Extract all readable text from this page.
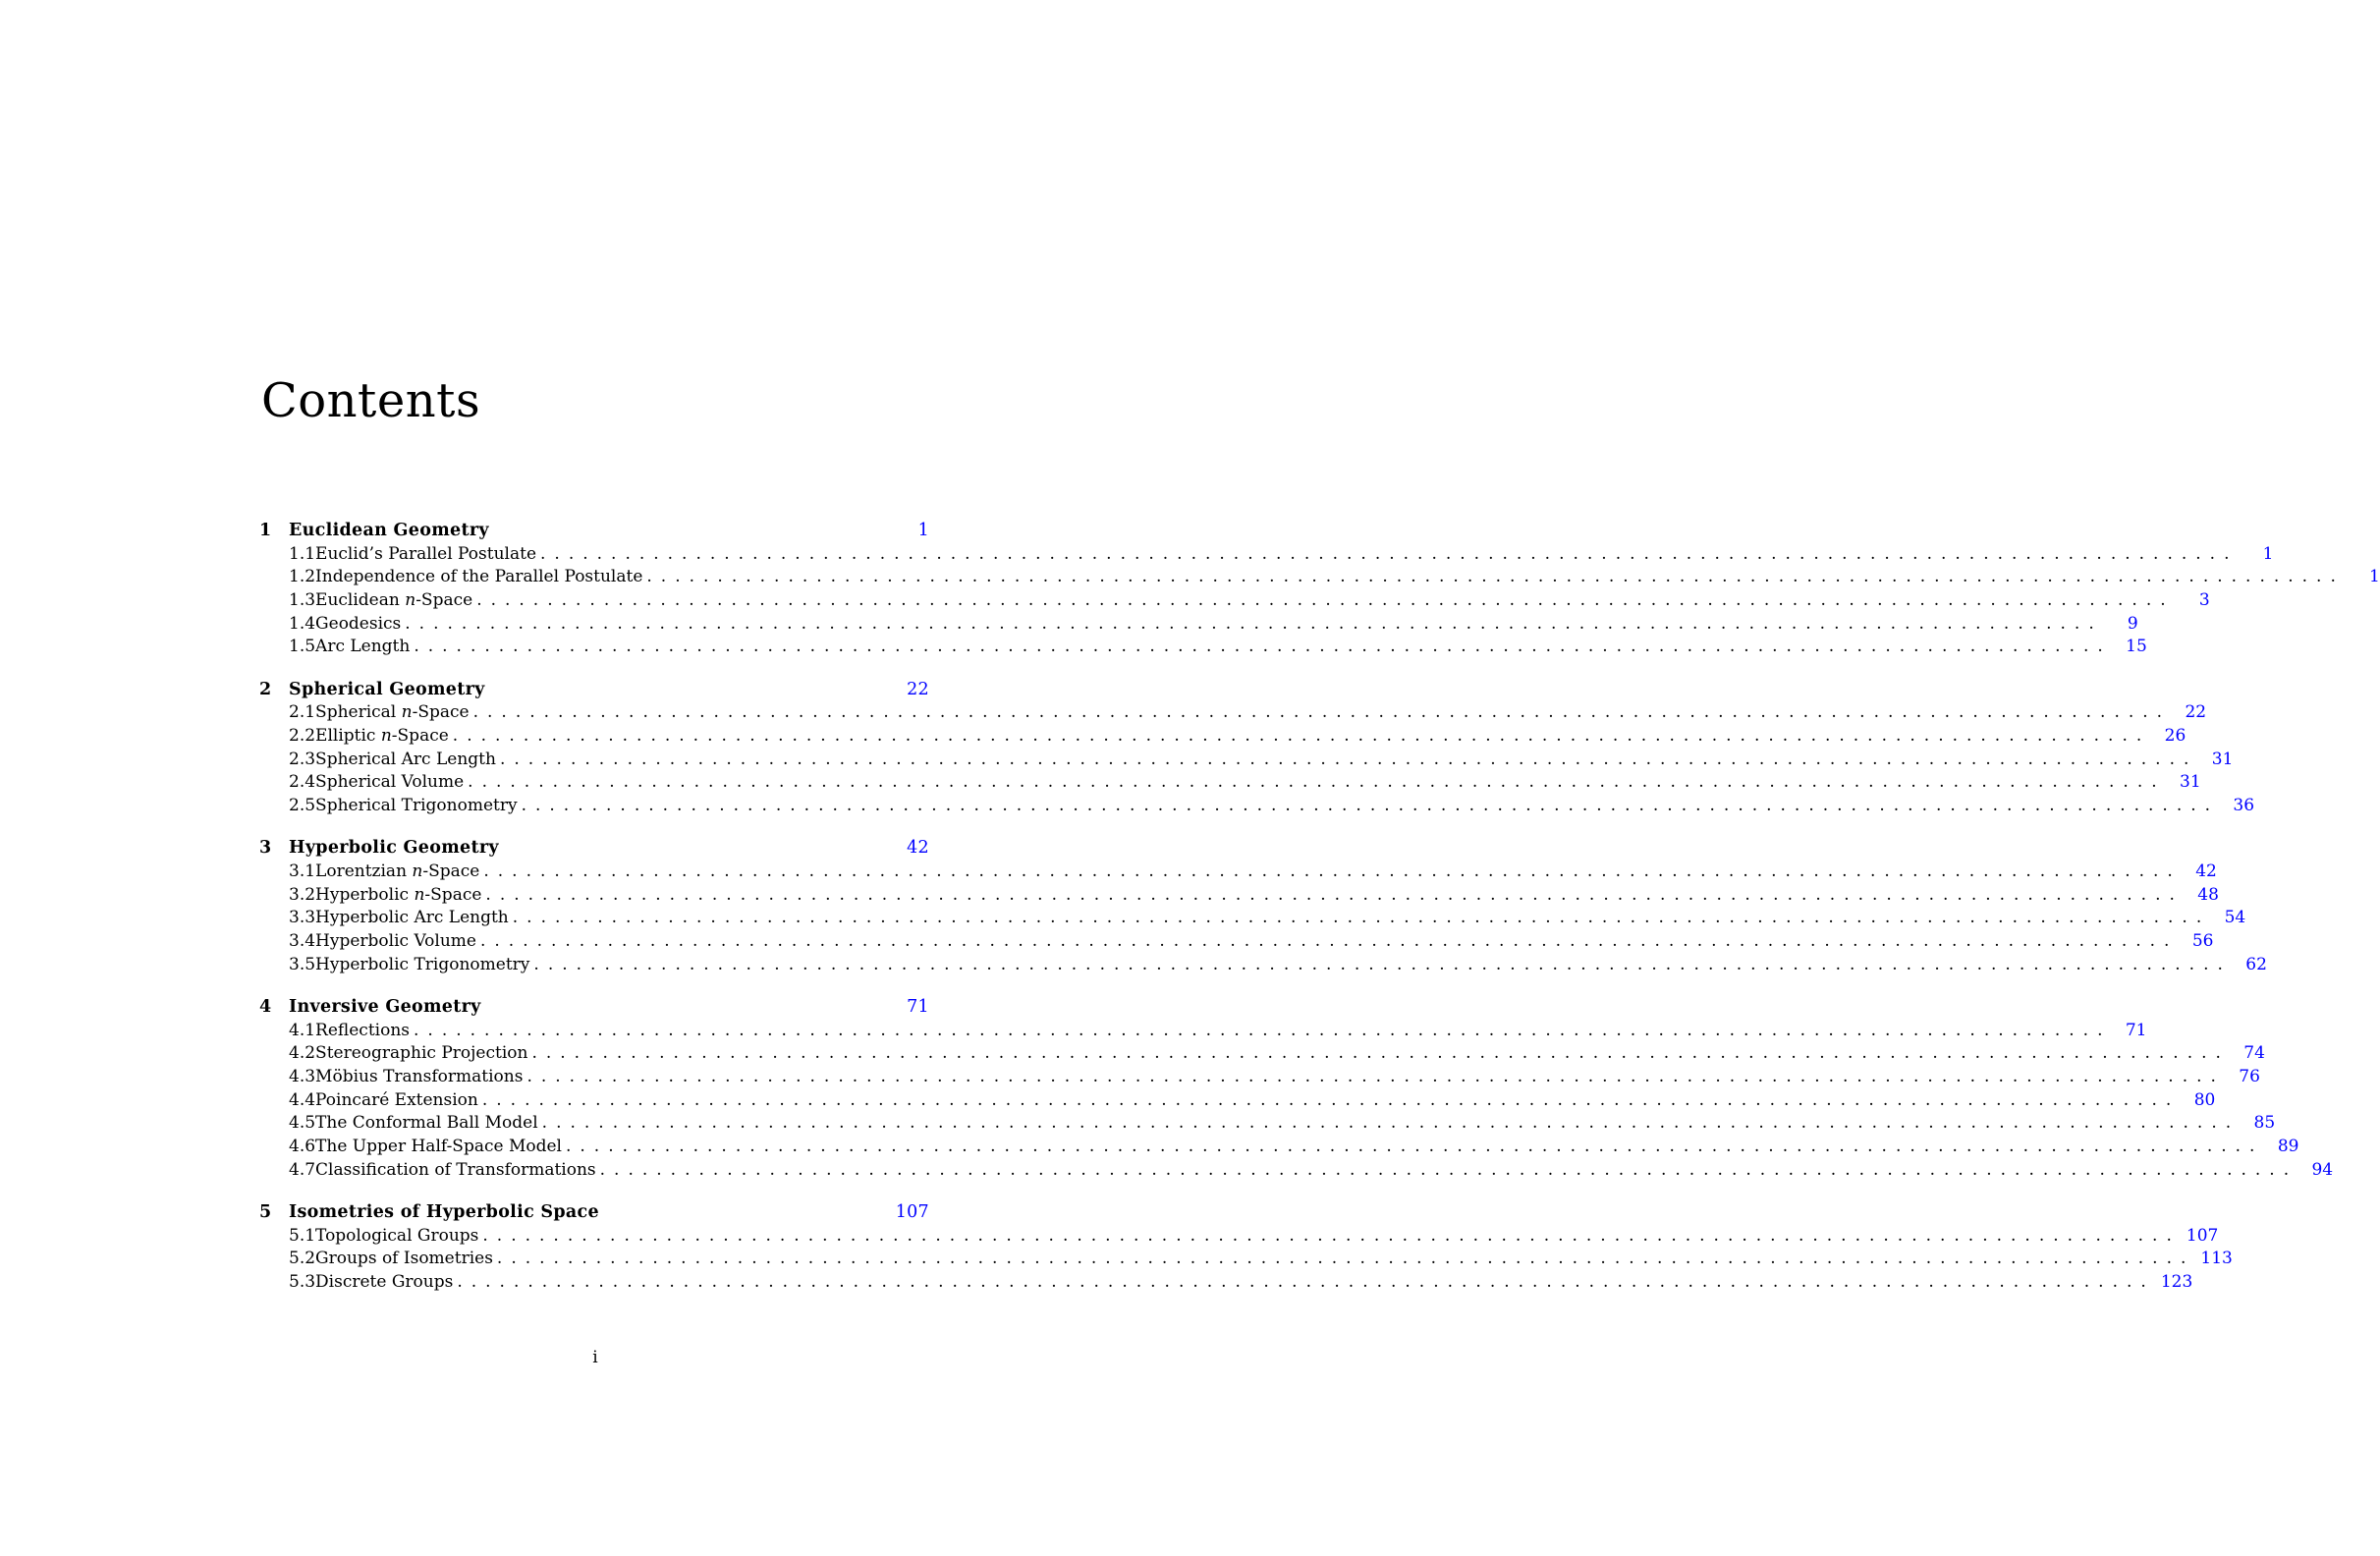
Contents
1	Euclidean Geometry	1
1.1 Euclid’s Parallel Postulate ........................................................................................................................	1
1.2 Independence of the Parallel Postulate ........................................................................................................................	1
1.3 Euclidean n-Space ........................................................................................................................	3
1.4 Geodesics ........................................................................................................................	9
1.5 Arc Length ........................................................................................................................ 15
2	Spherical Geometry	22
2.1 Spherical n-Space ........................................................................................................................ 22
2.2 Elliptic n-Space ........................................................................................................................ 26
2.3 Spherical Arc Length ........................................................................................................................ 31
2.4 Spherical Volume ........................................................................................................................ 31
2.5 Spherical Trigonometry ........................................................................................................................ 36
3	Hyperbolic Geometry	42
3.1 Lorentzian n-Space ........................................................................................................................ 42
3.2 Hyperbolic n-Space ........................................................................................................................ 48
3.3 Hyperbolic Arc Length ........................................................................................................................ 54
3.4 Hyperbolic Volume ........................................................................................................................ 56
3.5 Hyperbolic Trigonometry ........................................................................................................................ 62
4	Inversive Geometry	71
4.1 Reflections ........................................................................................................................ 71
4.2 Stereographic Projection ........................................................................................................................ 74
4.3 Möbius Transformations ........................................................................................................................ 76
4.4 Poincaré Extension ........................................................................................................................ 80
4.5 The Conformal Ball Model ........................................................................................................................ 85
4.6 The Upper Half-Space Model ........................................................................................................................ 89
4.7 Classification of Transformations ........................................................................................................................ 94
5	Isometries of Hyperbolic Space	107
5.1 Topological Groups ........................................................................................................................ 107
5.2 Groups of Isometries ........................................................................................................................ 113
5.3 Discrete Groups ........................................................................................................................ 123
i
